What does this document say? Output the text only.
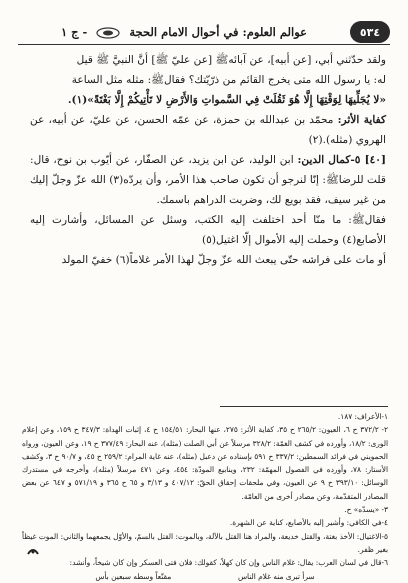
٥٣٤
عوالم العلوم: في أحوال الامام الحجة  - ج ١

ولقد حدّثني أبي، [عن أبيه]، عن آبائهﷺ [عن عليّ ﷺ] أنَّ النبيَّ ﷺ قيل

له: يا رسول الله متى يخرج القائم من ذرّيّتك؟ فقالﷺ: مثله مثل الساعة

«لا يُجَلِّيهَا لِوَقْتِهَا إِلَّا هُوَ ثَقُلَتْ فِي السَّمواتِ وَالأَرْضِ لا تَأْتِيكُمْ إِلَّا بَغْتَةً»(١).

كفاية الأثر: محمّد بن عبدالله بن حمزة، عن عمّه الحسن، عن عليّ، عن أبيه، عن الهروي (مثله).(٢)

[٤٠] ٥-كمال الدين: ابن الوليد، عن ابن يزيد، عن الصفّار، عن أيّوب بن نوح، قال: قلت للرضاﷺ: إنّا لنرجو أن تكون صاحب هذا الأمر، وأن يردّه(٣) الله عزّ وجلّ إليك من غير سيف، فقد بويع لك، وضربت الدراهم باسمك.

فقالﷺ: ما منّا أحد اختلفت إليه الكتب، وسئل عن المسائل، وأشارت إليه الأصابع(٤) وحملت إليه الأموال إلّا اغتيل(٥)

أو مات على فراشه حتّى يبعث الله عزّ وجلّ لهذا الأمر غلاماً(٦) خفيّ المولد

١-الأعراف: ١٨٧.

٢- ٣٧٢/٢ ح ٦، العيون: ٢٦٥/٢ ح ٣٥، كفاية الأثر: ٢٧٥، عنها البحار: ١٥٤/٥١ ح ٤، إثبات الهداة: ٣٤٧/٣ ح ١٥٩، وعن إعلام الورى: ١٨/٢، وأورده في كشف الغمّة: ٣٢٨/٢ مرسلاً عن أبي الصلت (مثله)، عنه البحار: ٣٧٧/٤٩ ح ١٩، وعن العيون، ورواه الحمويني في فرائد السمطين: ٣٣٧/٢ ح ٥٩١ بإسناده عن دعبل (مثله)، عنه غاية المرام: ٢٥٩/٢ ح ٤٥، و ٩٠/٧ ح ٣، وكشف الأستار: ٧٨، وأورده في الفصول المهمّة: ٢٣٢، وينابيع المودّة: ٤٥٤، وعن ٤٧١ مرسلاً (مثله)، وأخرجه في مستدرك الوسائل: ٣٩٣/١٠ ح ٩ عن العيون، وفي ملحقات إحقاق الحقّ: ٤٠٧/١٢ و ٣/١٣ و ٦٥ ح ٣٦٥ و ٥٧١/١٩ و ٦٤٧ عن بعض المصادر المتقدّمة، وعن مصادر أخرى من العامّة.

٣- «يسدّه» ح.

٤-في الكافي: وأشير إليه بالأصابع، كناية عن الشهرة.

٥-الاغتيال: الأخذ بغتة، والقتل خديعة، والمراد هنا القتل بالآلة، وبالموت: القتل بالسمّ، والأوّل يجمعهما والثاني: الموت غيظاً بغير ظفر.

٦-قال في لسان العرب: يقال: غلام الناس وإن كان كهلاً، كقولك: فلان فتى العسكر وإن كان شيخاً، وأنشد:

سرأ تبرى منه غلام الناس
مقتّعاً وسطه سبعين بأس
